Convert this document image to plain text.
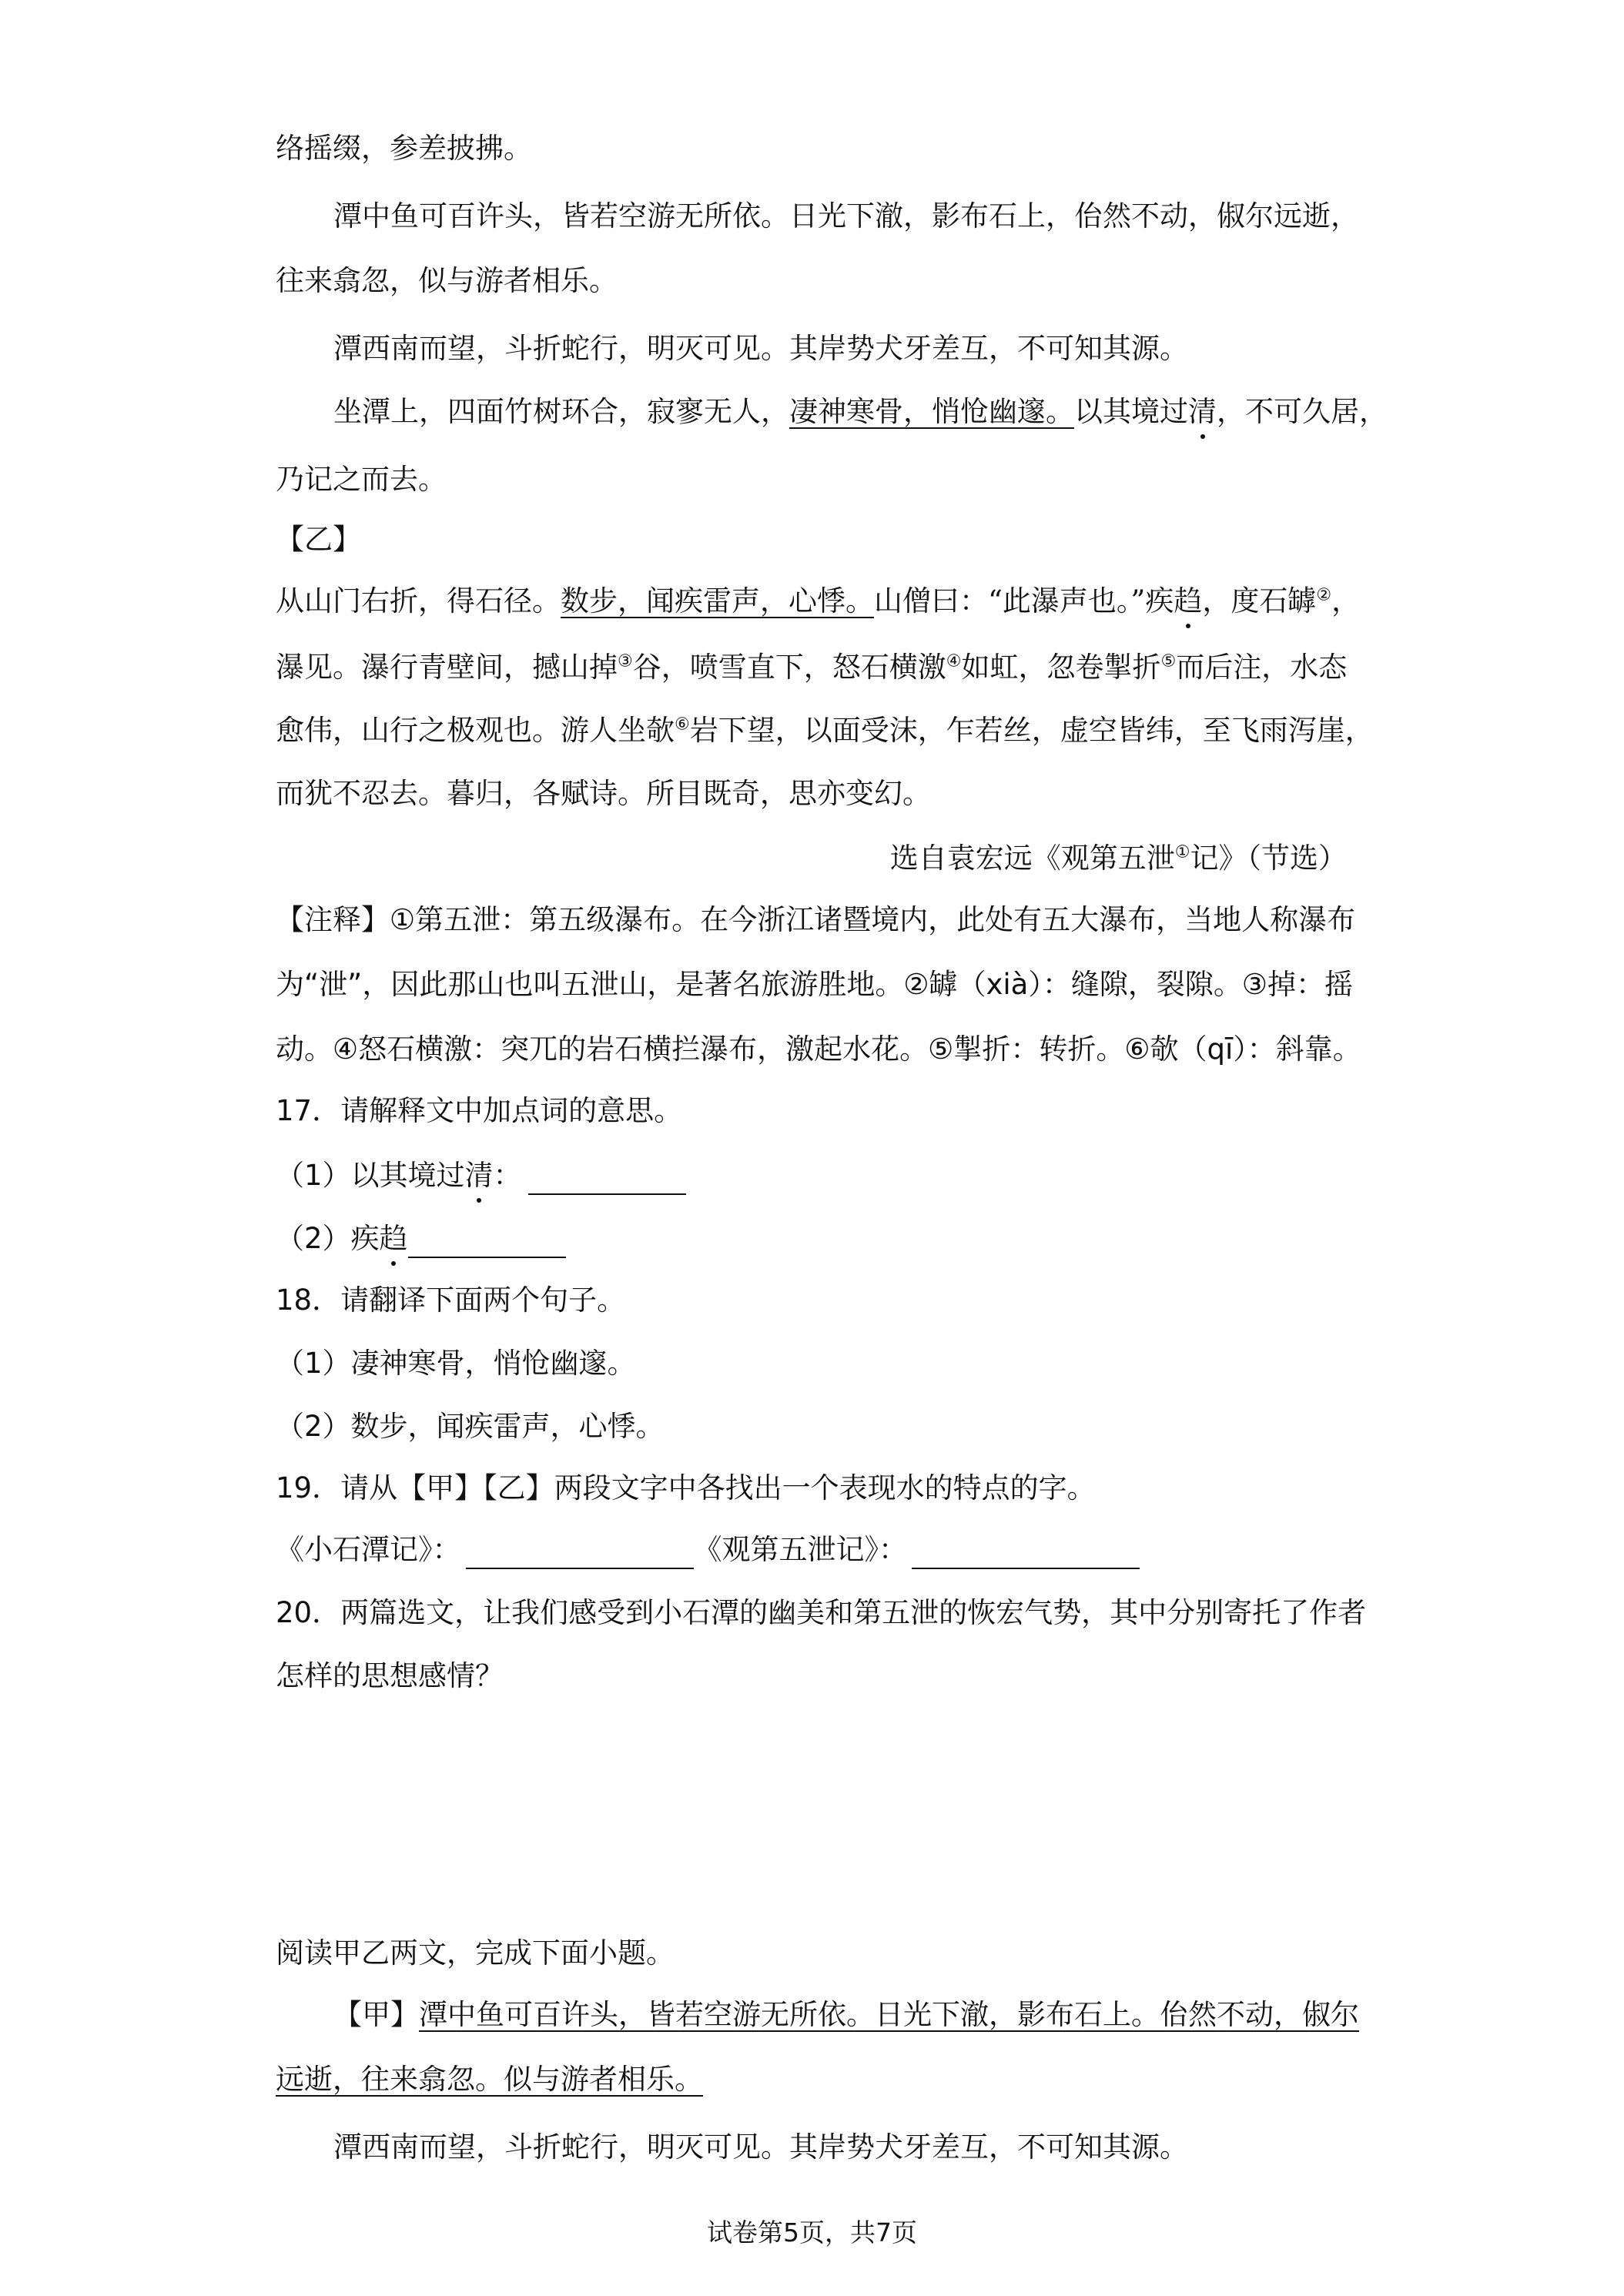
络摇缀，参差披拂。
潭中鱼可百许头，皆若空游无所依。日光下澈，影布石上，佁然不动，俶尔远逝，
往来翕忽，似与游者相乐。
潭西南而望，斗折蛇行，明灭可见。其岸势犬牙差互，不可知其源。
坐潭上，四面竹树环合，寂寥无人，凄神寒骨，悄怆幽邃。以其境过清，不可久居，
乃记之而去。
【乙】
从山门右折，得石径。数步，闻疾雷声，心悸。山僧曰：“此瀑声也。”疾趋，度石罅②，
瀑见。瀑行青壁间，撼山掉③谷，喷雪直下，怒石横激④如虹，忽卷掣折⑤而后注，水态
愈伟，山行之极观也。游人坐欹⑥岩下望，以面受沫，乍若丝，虚空皆纬，至飞雨泻崖，
而犹不忍去。暮归，各赋诗。所目既奇，思亦变幻。
选自袁宏远《观第五泄①记》（节选）
【注释】①第五泄：第五级瀑布。在今浙江诸暨境内，此处有五大瀑布，当地人称瀑布
为“泄”，因此那山也叫五泄山，是著名旅游胜地。②罅（xià）：缝隙，裂隙。③掉：摇
动。④怒石横激：突兀的岩石横拦瀑布，激起水花。⑤掣折：转折。⑥欹（qī）：斜靠。
17．请解释文中加点词的意思。
（1）以其境过清：
（2）疾趋
18．请翻译下面两个句子。
（1）凄神寒骨，悄怆幽邃。
（2）数步，闻疾雷声，心悸。
19．请从【甲】【乙】两段文字中各找出一个表现水的特点的字。
《小石潭记》：	《观第五泄记》：
20．两篇选文，让我们感受到小石潭的幽美和第五泄的恢宏气势，其中分别寄托了作者
怎样的思想感情？
阅读甲乙两文，完成下面小题。
【甲】潭中鱼可百许头，皆若空游无所依。日光下澈，影布石上。佁然不动，俶尔
远逝，往来翕忽。似与游者相乐。
潭西南而望，斗折蛇行，明灭可见。其岸势犬牙差互，不可知其源。
试卷第5页，共7页
